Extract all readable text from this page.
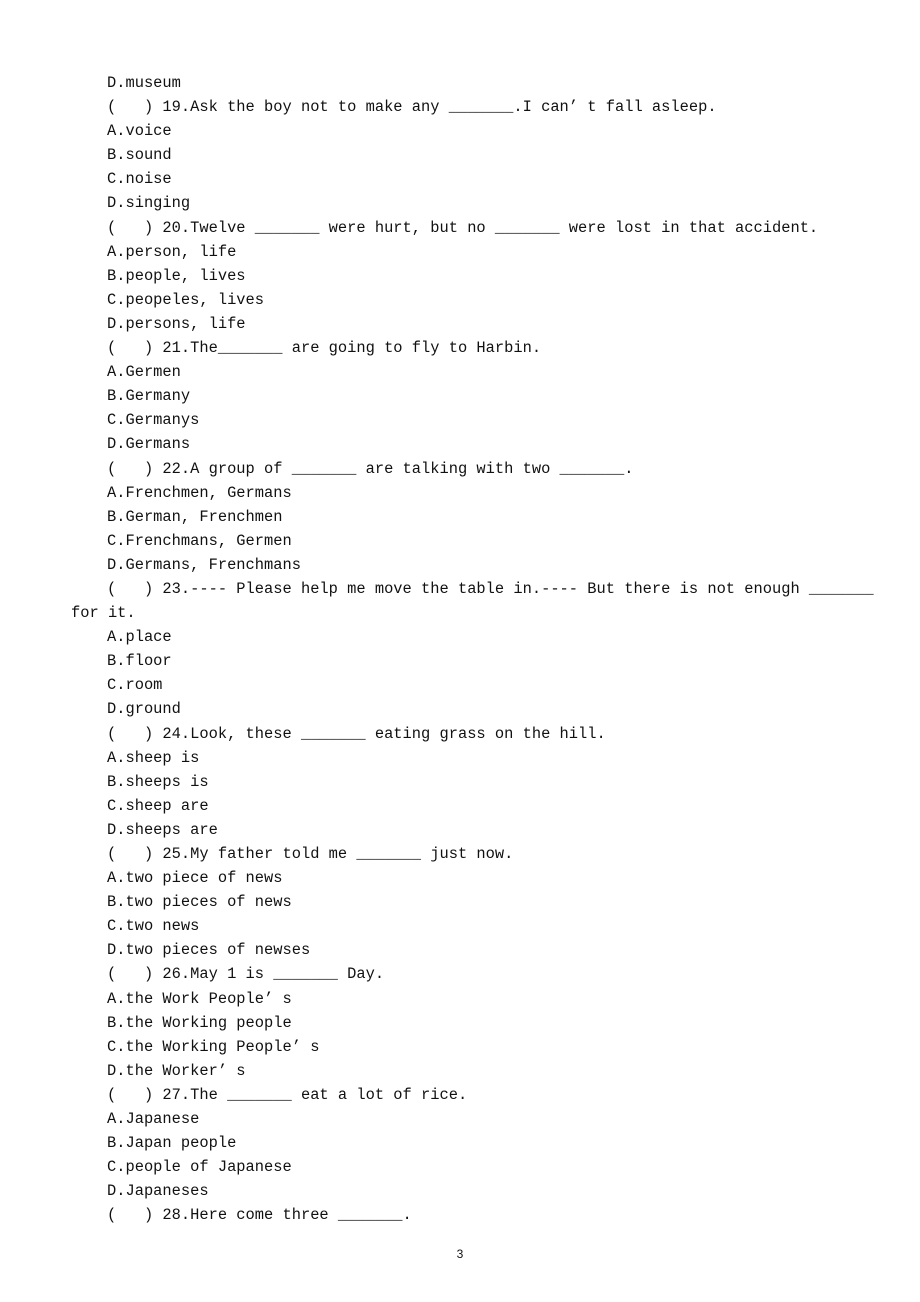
D.museum
(   ) 19.Ask the boy not to make any _______.I can’ t fall asleep.
A.voice
B.sound
C.noise
D.singing
(   ) 20.Twelve _______ were hurt, but no _______ were lost in that accident.
A.person, life
B.people, lives
C.peopeles, lives
D.persons, life
(   ) 21.The_______ are going to fly to Harbin.
A.Germen
B.Germany
C.Germanys
D.Germans
(   ) 22.A group of _______ are talking with two _______.
A.Frenchmen, Germans
B.German, Frenchmen
C.Frenchmans, Germen
D.Germans, Frenchmans
(   ) 23.---- Please help me move the table in.---- But there is not enough _______
for it.
A.place
B.floor
C.room
D.ground
(   ) 24.Look, these _______ eating grass on the hill.
A.sheep is
B.sheeps is
C.sheep are
D.sheeps are
(   ) 25.My father told me _______ just now.
A.two piece of news
B.two pieces of news
C.two news
D.two pieces of newses
(   ) 26.May 1 is _______ Day.
A.the Work People’ s
B.the Working people
C.the Working People’ s
D.the Worker’ s
(   ) 27.The _______ eat a lot of rice.
A.Japanese
B.Japan people
C.people of Japanese
D.Japaneses
(   ) 28.Here come three _______.
3
